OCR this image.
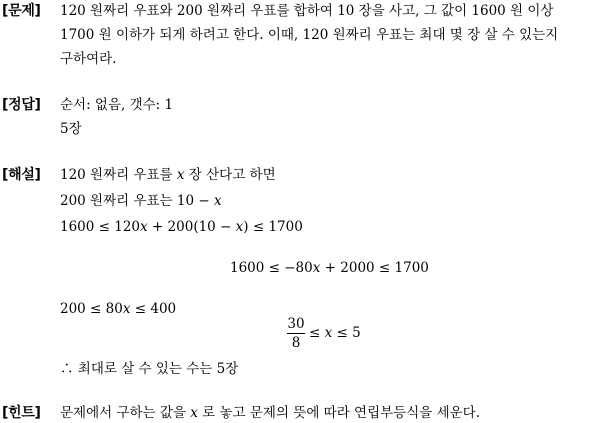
[문제] 120 원짜리 우표와 200 원짜리 우표를 합하여 10 장을 사고, 그 값이 1600 원 이상
1700 원 이하가 되게 하려고 한다. 이때, 120 원짜리 우표는 최대 몇 장 살 수 있는지
구하여라.
[정답] 순서: 없음, 갯수: 1
5장
[해설] 120 원짜리 우표를 x 장 산다고 하면
200 원짜리 우표는 10 − x
1600 ≤ 120x + 200(10 − x) ≤ 1700
1600 ≤ −80x + 2000 ≤ 1700
200 ≤ 80x ≤ 400
30
8
≤ x ≤ 5
∴ 최대로 살 수 있는 수는 5장
[힌트] 문제에서 구하는 값을 x 로 놓고 문제의 뜻에 따라 연립부등식을 세운다.
